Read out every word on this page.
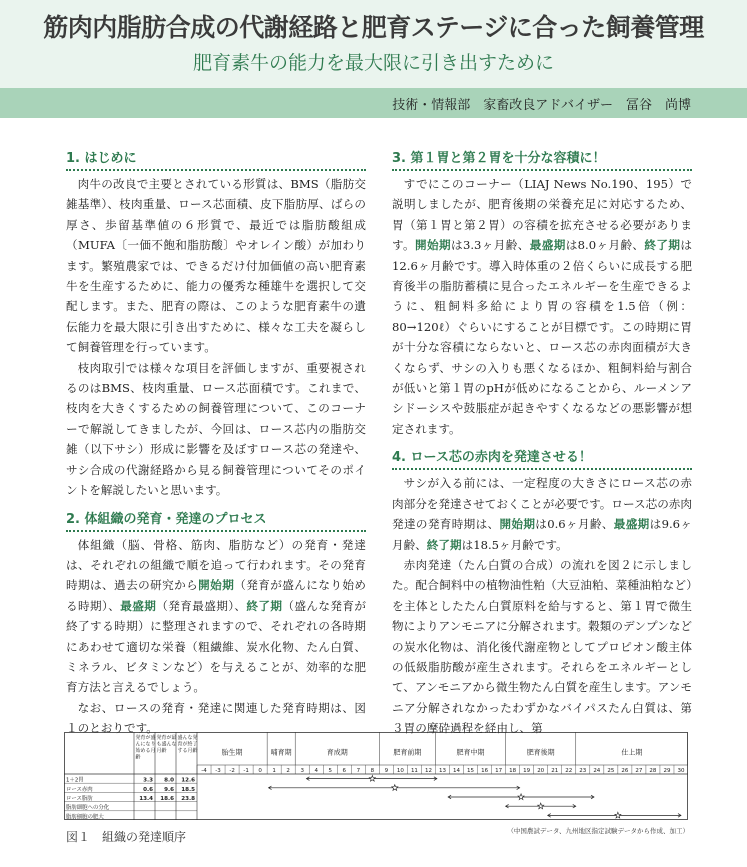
筋肉内脂肪合成の代謝経路と肥育ステージに合った飼養管理
肥育素牛の能力を最大限に引き出すために
技術・情報部　家畜改良アドバイザー　冨谷　尚博
1. はじめに

肉牛の改良で主要とされている形質は、BMS（脂肪交雑基準）、枝肉重量、ロース芯面積、皮下脂肪厚、ばらの厚さ、歩留基準値の６形質で、最近では脂肪酸組成（MUFA〔一価不飽和脂肪酸〕やオレイン酸）が加わります。繁殖農家では、できるだけ付加価値の高い肥育素牛を生産するために、能力の優秀な種雄牛を選択して交配します。また、肥育の際は、このような肥育素牛の遺伝能力を最大限に引き出すために、様々な工夫を凝らして飼養管理を行っています。

枝肉取引では様々な項目を評価しますが、重要視されるのはBMS、枝肉重量、ロース芯面積です。これまで、枝肉を大きくするための飼養管理について、このコーナーで解説してきましたが、今回は、ロース芯内の脂肪交雑（以下サシ）形成に影響を及ぼすロース芯の発達や、サシ合成の代謝経路から見る飼養管理についてそのポイントを解説したいと思います。

2. 体組織の発育・発達のプロセス

体組織（脳、骨格、筋肉、脂肪など）の発育・発達は、それぞれの組織で順を追って行われます。その発育時期は、過去の研究から開始期（発育が盛んになり始める時期）、最盛期（発育最盛期）、終了期（盛んな発育が終了する時期）に整理されますので、それぞれの各時期にあわせて適切な栄養（粗繊維、炭水化物、たん白質、ミネラル、ビタミンなど）を与えることが、効率的な肥育方法と言えるでしょう。

なお、ロースの発育・発達に関連した発育時期は、図１のとおりです。

3. 第１胃と第２胃を十分な容積に！

すでにこのコーナー（LIAJ News No.190、195）で説明しましたが、肥育後期の栄養充足に対応するため、胃（第１胃と第２胃）の容積を拡充させる必要があります。開始期は3.3ヶ月齢、最盛期は8.0ヶ月齢、終了期は12.6ヶ月齢です。導入時体重の２倍くらいに成長する肥育後半の脂肪蓄積に見合ったエネルギーを生産できるように、粗飼料多給により胃の容積を1.5倍（例：80→120ℓ）ぐらいにすることが目標です。この時期に胃が十分な容積にならないと、ロース芯の赤肉面積が大きくならず、サシの入りも悪くなるほか、粗飼料給与割合が低いと第１胃のpHが低めになることから、ルーメンアシドーシスや鼓脹症が起きやすくなるなどの悪影響が想定されます。

4. ロース芯の赤肉を発達させる！

サシが入る前には、一定程度の大きさにロース芯の赤肉部分を発達させておくことが必要です。ロース芯の赤肉発達の発育時期は、開始期は0.6ヶ月齢、最盛期は9.6ヶ月齢、終了期は18.5ヶ月齢です。

赤肉発達（たん白質の合成）の流れを図２に示しました。配合飼料中の植物油性粕（大豆油粕、菜種油粕など）を主体としたたん白質原料を給与すると、第１胃で微生物によりアンモニアに分解されます。穀類のデンプンなどの炭水化物は、消化後代謝産物としてプロピオン酸主体の低級脂肪酸が産生されます。それらをエネルギーとして、アンモニアから微生物たん白質を産生します。アンモニア分解されなかったわずかなバイパスたん白質は、第３胃の摩砕過程を経由し、第

発育が盛
んになり
始める月
齢
発育が最
も盛んな
月齢
盛んな発
育が終了
する月齢	胎生期	哺育期	育成期	肥育前期	肥育中期	肥育後期	仕上期
-4 -3 -2 -1 0 1 2 3 4 5 6 7 8 9 10 11 12 13 14 15 16 17 18 19 20 21 22 23 24 25 26 27 28 29 30
1＋2胃	3.3 8.0 12.6
ロース赤肉	0.6 9.6 18.5
ロース脂肪	13.4 18.6 23.8
脂肪細胞への分化
脂肪細胞の肥大
図１　組織の発達順序	（中国農試データ、九州地区指定試験データから作成、加工）
